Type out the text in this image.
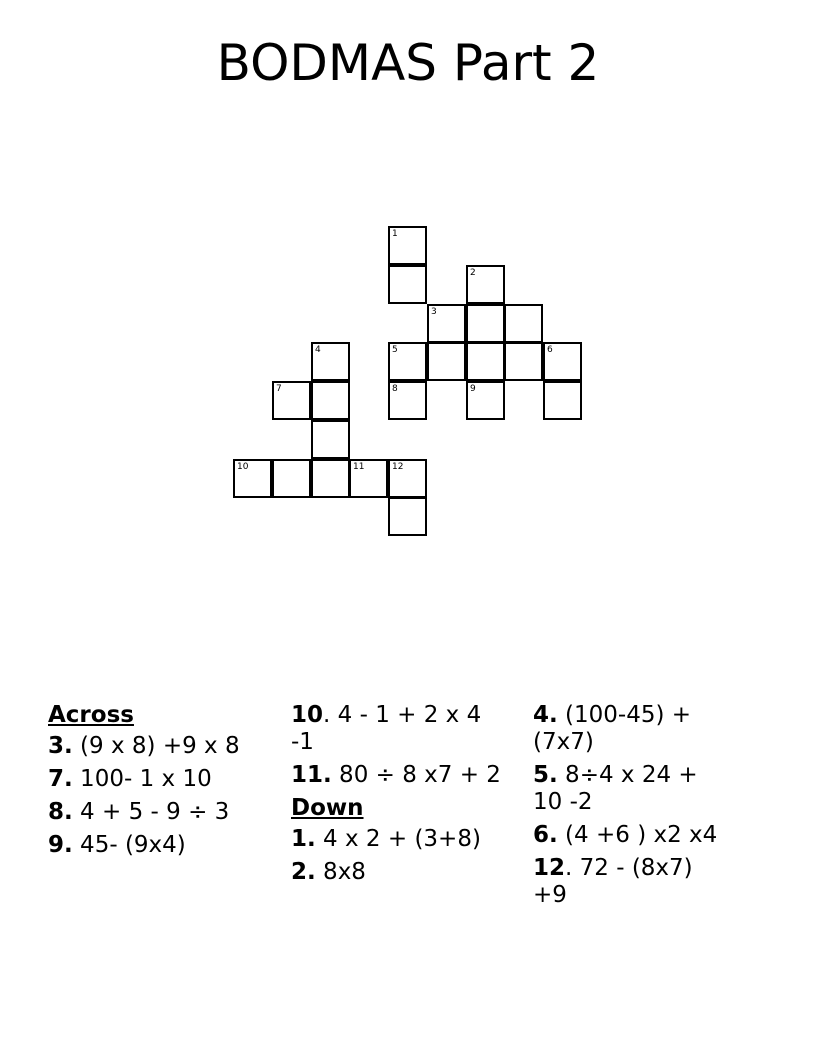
BODMAS Part 2
1
2
3
4	5	6
7	8	9
10	11	12
Across
3. (9 x 8) +9 x 8
7. 100- 1 x 10
8. 4 + 5 - 9 ÷ 3
9. 45- (9x4)
10. 4 - 1 + 2 x 4 -1
11. 80 ÷ 8 x7 + 2
Down
1. 4 x 2 + (3+8)
2. 8x8
4. (100-45) + (7x7)
5. 8÷4 x 24 + 10 -2
6. (4 +6 ) x2 x4
12. 72 - (8x7) +9
